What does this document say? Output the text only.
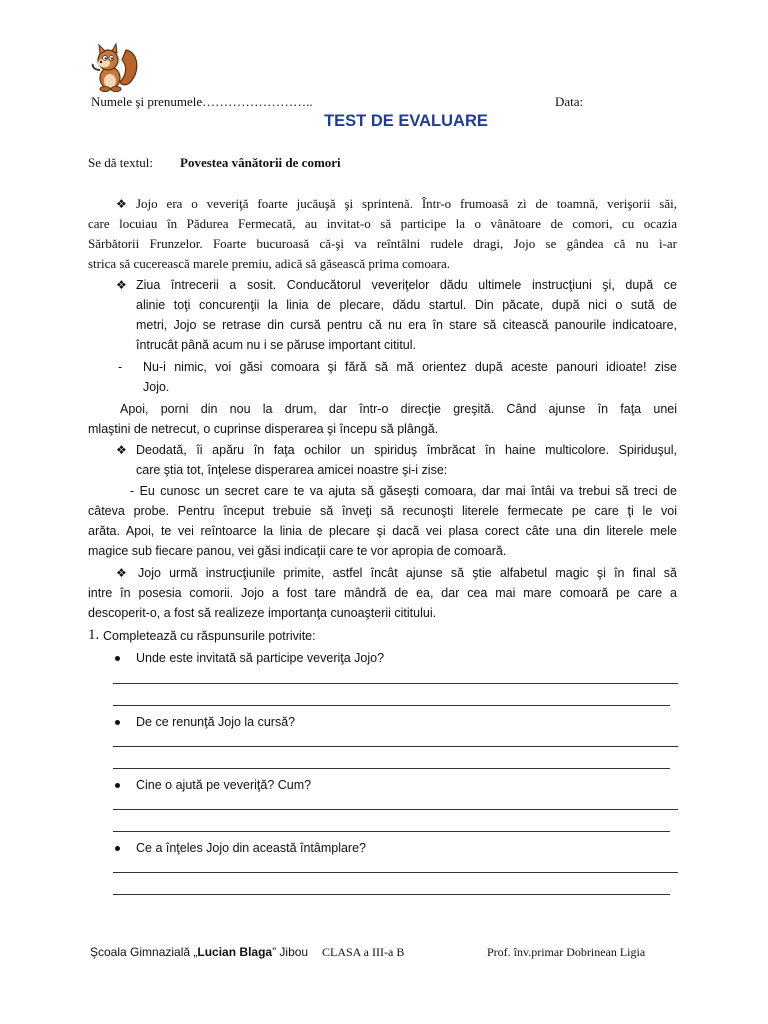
Numele şi prenumele……………………..	Data:
TEST DE EVALUARE
Se dă textul: Povestea vânătorii de comori
❖ Jojo era o veveriţă foarte jucăuşă şi sprintenă. Într-o frumoasă zi de toamnă, verişorii săi,
care locuiau în Pădurea Fermecată, au invitat-o să participe la o vânătoare de comori, cu ocazia
Sărbătorii Frunzelor. Foarte bucuroasă că-şi va reîntâlni rudele dragi, Jojo se gândea că nu i-ar
strica să cucerească marele premiu, adică să găsească prima comoara.
❖ Ziua întrecerii a sosit. Conducătorul veveriţelor dădu ultimele instrucţiuni şi, după ce
alinie toţi concurenţii la linia de plecare, dădu startul. Din păcate, după nici o sută de
metri, Jojo se retrase din cursă pentru că nu era în stare să citească panourile indicatoare,
întrucât până acum nu i se păruse important cititul.
- Nu-i nimic, voi găsi comoara şi fără să mă orientez după aceste panouri idioate! zise
Jojo.
Apoi, porni din nou la drum, dar într-o direcţie greşită. Când ajunse în faţa unei
mlaştini de netrecut, o cuprinse disperarea şi începu să plângă.
❖ Deodată, îi apăru în faţa ochilor un spiriduş îmbrăcat în haine multicolore. Spiriduşul,
care ştia tot, înţelese disperarea amicei noastre şi-i zise:
- Eu cunosc un secret care te va ajuta să găseşti comoara, dar mai întâi va trebui să treci de
câteva probe. Pentru început trebuie să înveţi să recunoşti literele fermecate pe care ţi le voi
arăta. Apoi, te vei reîntoarce la linia de plecare şi dacă vei plasa corect câte una din literele mele
magice sub fiecare panou, vei găsi indicaţii care te vor apropia de comoară.
❖ Jojo urmă instrucţiunile primite, astfel încât ajunse să ştie alfabetul magic şi în final să
intre în posesia comorii. Jojo a fost tare mândră de ea, dar cea mai mare comoară pe care a
descoperit-o, a fost să realizeze importanţa cunoaşterii cititului.
1. Completează cu răspunsurile potrivite:
Unde este invitată să participe veveriţa Jojo?
De ce renunţă Jojo la cursă?
Cine o ajută pe veveriţă? Cum?
Ce a înţeles Jojo din această întâmplare?
Şcoala Gimnazială „Lucian Blaga” Jibou CLASA a III-a B	Prof. înv.primar Dobrinean Ligia
